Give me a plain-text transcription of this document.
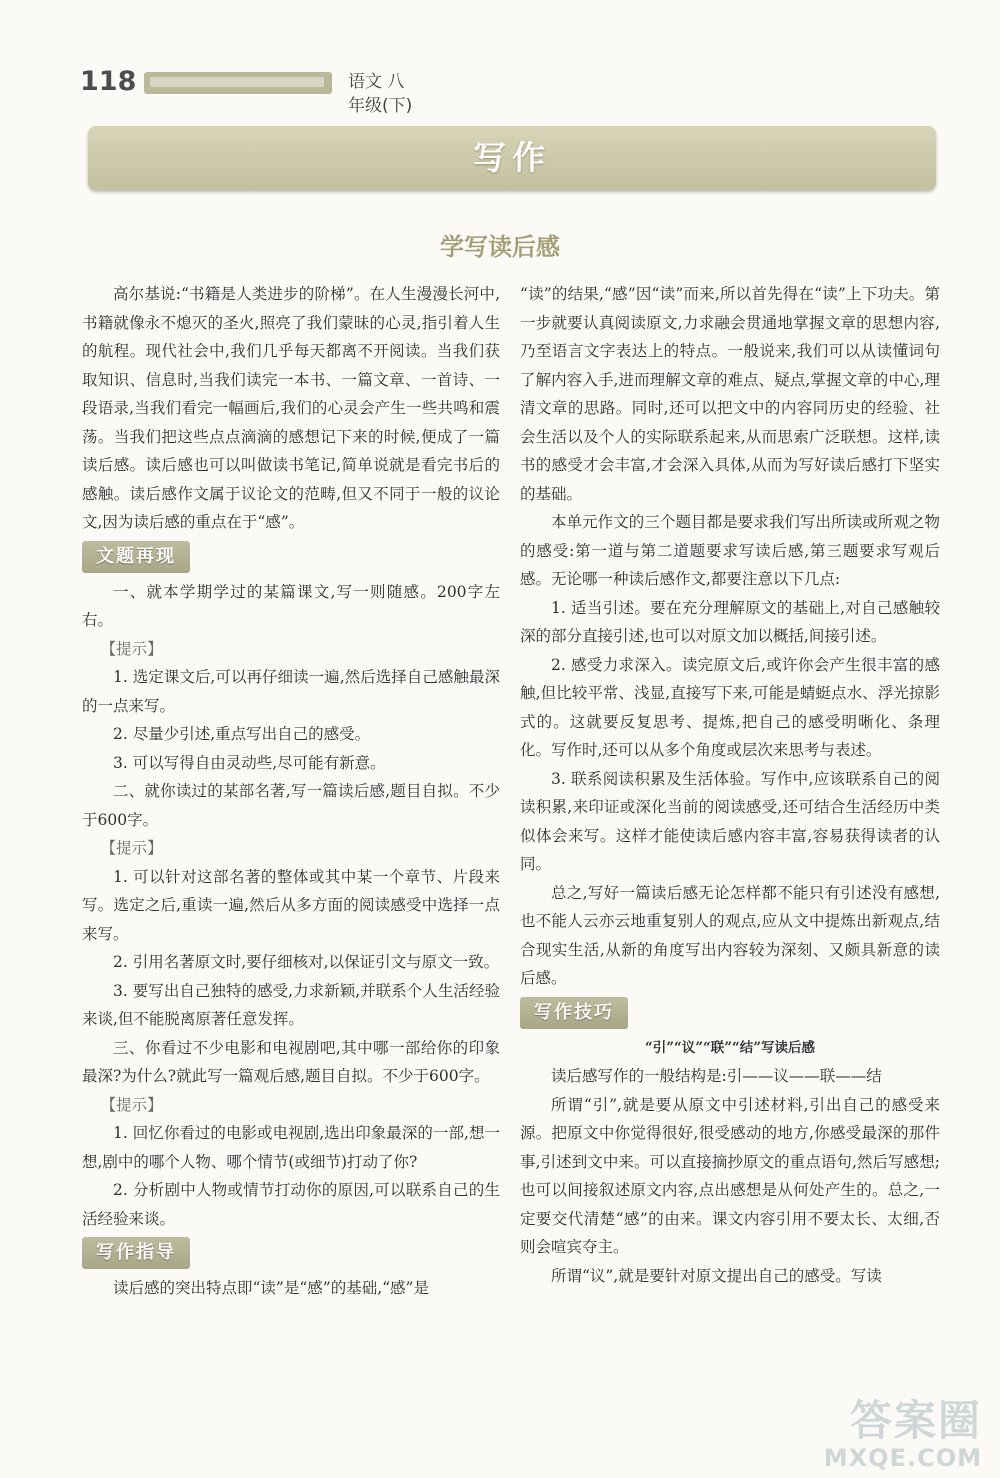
118	语文 八年级(下)
写作
学写读后感

高尔基说:“书籍是人类进步的阶梯”。在人生漫漫长河中,书籍就像永不熄灭的圣火,照亮了我们蒙昧的心灵,指引着人生的航程。现代社会中,我们几乎每天都离不开阅读。当我们获取知识、信息时,当我们读完一本书、一篇文章、一首诗、一段语录,当我们看完一幅画后,我们的心灵会产生一些共鸣和震荡。当我们把这些点点滴滴的感想记下来的时候,便成了一篇读后感。读后感也可以叫做读书笔记,简单说就是看完书后的感触。读后感作文属于议论文的范畴,但又不同于一般的议论文,因为读后感的重点在于“感”。

文题再现

一、就本学期学过的某篇课文,写一则随感。200字左右。

【提示】

1. 选定课文后,可以再仔细读一遍,然后选择自己感触最深的一点来写。

2. 尽量少引述,重点写出自己的感受。

3. 可以写得自由灵动些,尽可能有新意。

二、就你读过的某部名著,写一篇读后感,题目自拟。不少于600字。

【提示】

1. 可以针对这部名著的整体或其中某一个章节、片段来写。选定之后,重读一遍,然后从多方面的阅读感受中选择一点来写。

2. 引用名著原文时,要仔细核对,以保证引文与原文一致。

3. 要写出自己独特的感受,力求新颖,并联系个人生活经验来谈,但不能脱离原著任意发挥。

三、你看过不少电影和电视剧吧,其中哪一部给你的印象最深?为什么?就此写一篇观后感,题目自拟。不少于600字。

【提示】

1. 回忆你看过的电影或电视剧,选出印象最深的一部,想一想,剧中的哪个人物、哪个情节(或细节)打动了你?

2. 分析剧中人物或情节打动你的原因,可以联系自己的生活经验来谈。

写作指导

读后感的突出特点即“读”是“感”的基础,“感”是

“读”的结果,“感”因“读”而来,所以首先得在“读”上下功夫。第一步就要认真阅读原文,力求融会贯通地掌握文章的思想内容,乃至语言文字表达上的特点。一般说来,我们可以从读懂词句了解内容入手,进而理解文章的难点、疑点,掌握文章的中心,理清文章的思路。同时,还可以把文中的内容同历史的经验、社会生活以及个人的实际联系起来,从而思索广泛联想。这样,读书的感受才会丰富,才会深入具体,从而为写好读后感打下坚实的基础。

本单元作文的三个题目都是要求我们写出所读或所观之物的感受:第一道与第二道题要求写读后感,第三题要求写观后感。无论哪一种读后感作文,都要注意以下几点:

1. 适当引述。要在充分理解原文的基础上,对自己感触较深的部分直接引述,也可以对原文加以概括,间接引述。

2. 感受力求深入。读完原文后,或许你会产生很丰富的感触,但比较平常、浅显,直接写下来,可能是蜻蜓点水、浮光掠影式的。这就要反复思考、提炼,把自己的感受明晰化、条理化。写作时,还可以从多个角度或层次来思考与表述。

3. 联系阅读积累及生活体验。写作中,应该联系自己的阅读积累,来印证或深化当前的阅读感受,还可结合生活经历中类似体会来写。这样才能使读后感内容丰富,容易获得读者的认同。

总之,写好一篇读后感无论怎样都不能只有引述没有感想,也不能人云亦云地重复别人的观点,应从文中提炼出新观点,结合现实生活,从新的角度写出内容较为深刻、又颇具新意的读后感。

写作技巧

“引”“议”“联”“结”写读后感

读后感写作的一般结构是:引——议——联——结

所谓“引”,就是要从原文中引述材料,引出自己的感受来源。把原文中你觉得很好,很受感动的地方,你感受最深的那件事,引述到文中来。可以直接摘抄原文的重点语句,然后写感想;也可以间接叙述原文内容,点出感想是从何处产生的。总之,一定要交代清楚“感”的由来。课文内容引用不要太长、太细,否则会喧宾夺主。

所谓“议”,就是要针对原文提出自己的感受。写读

答案圈
MXQE.COM
